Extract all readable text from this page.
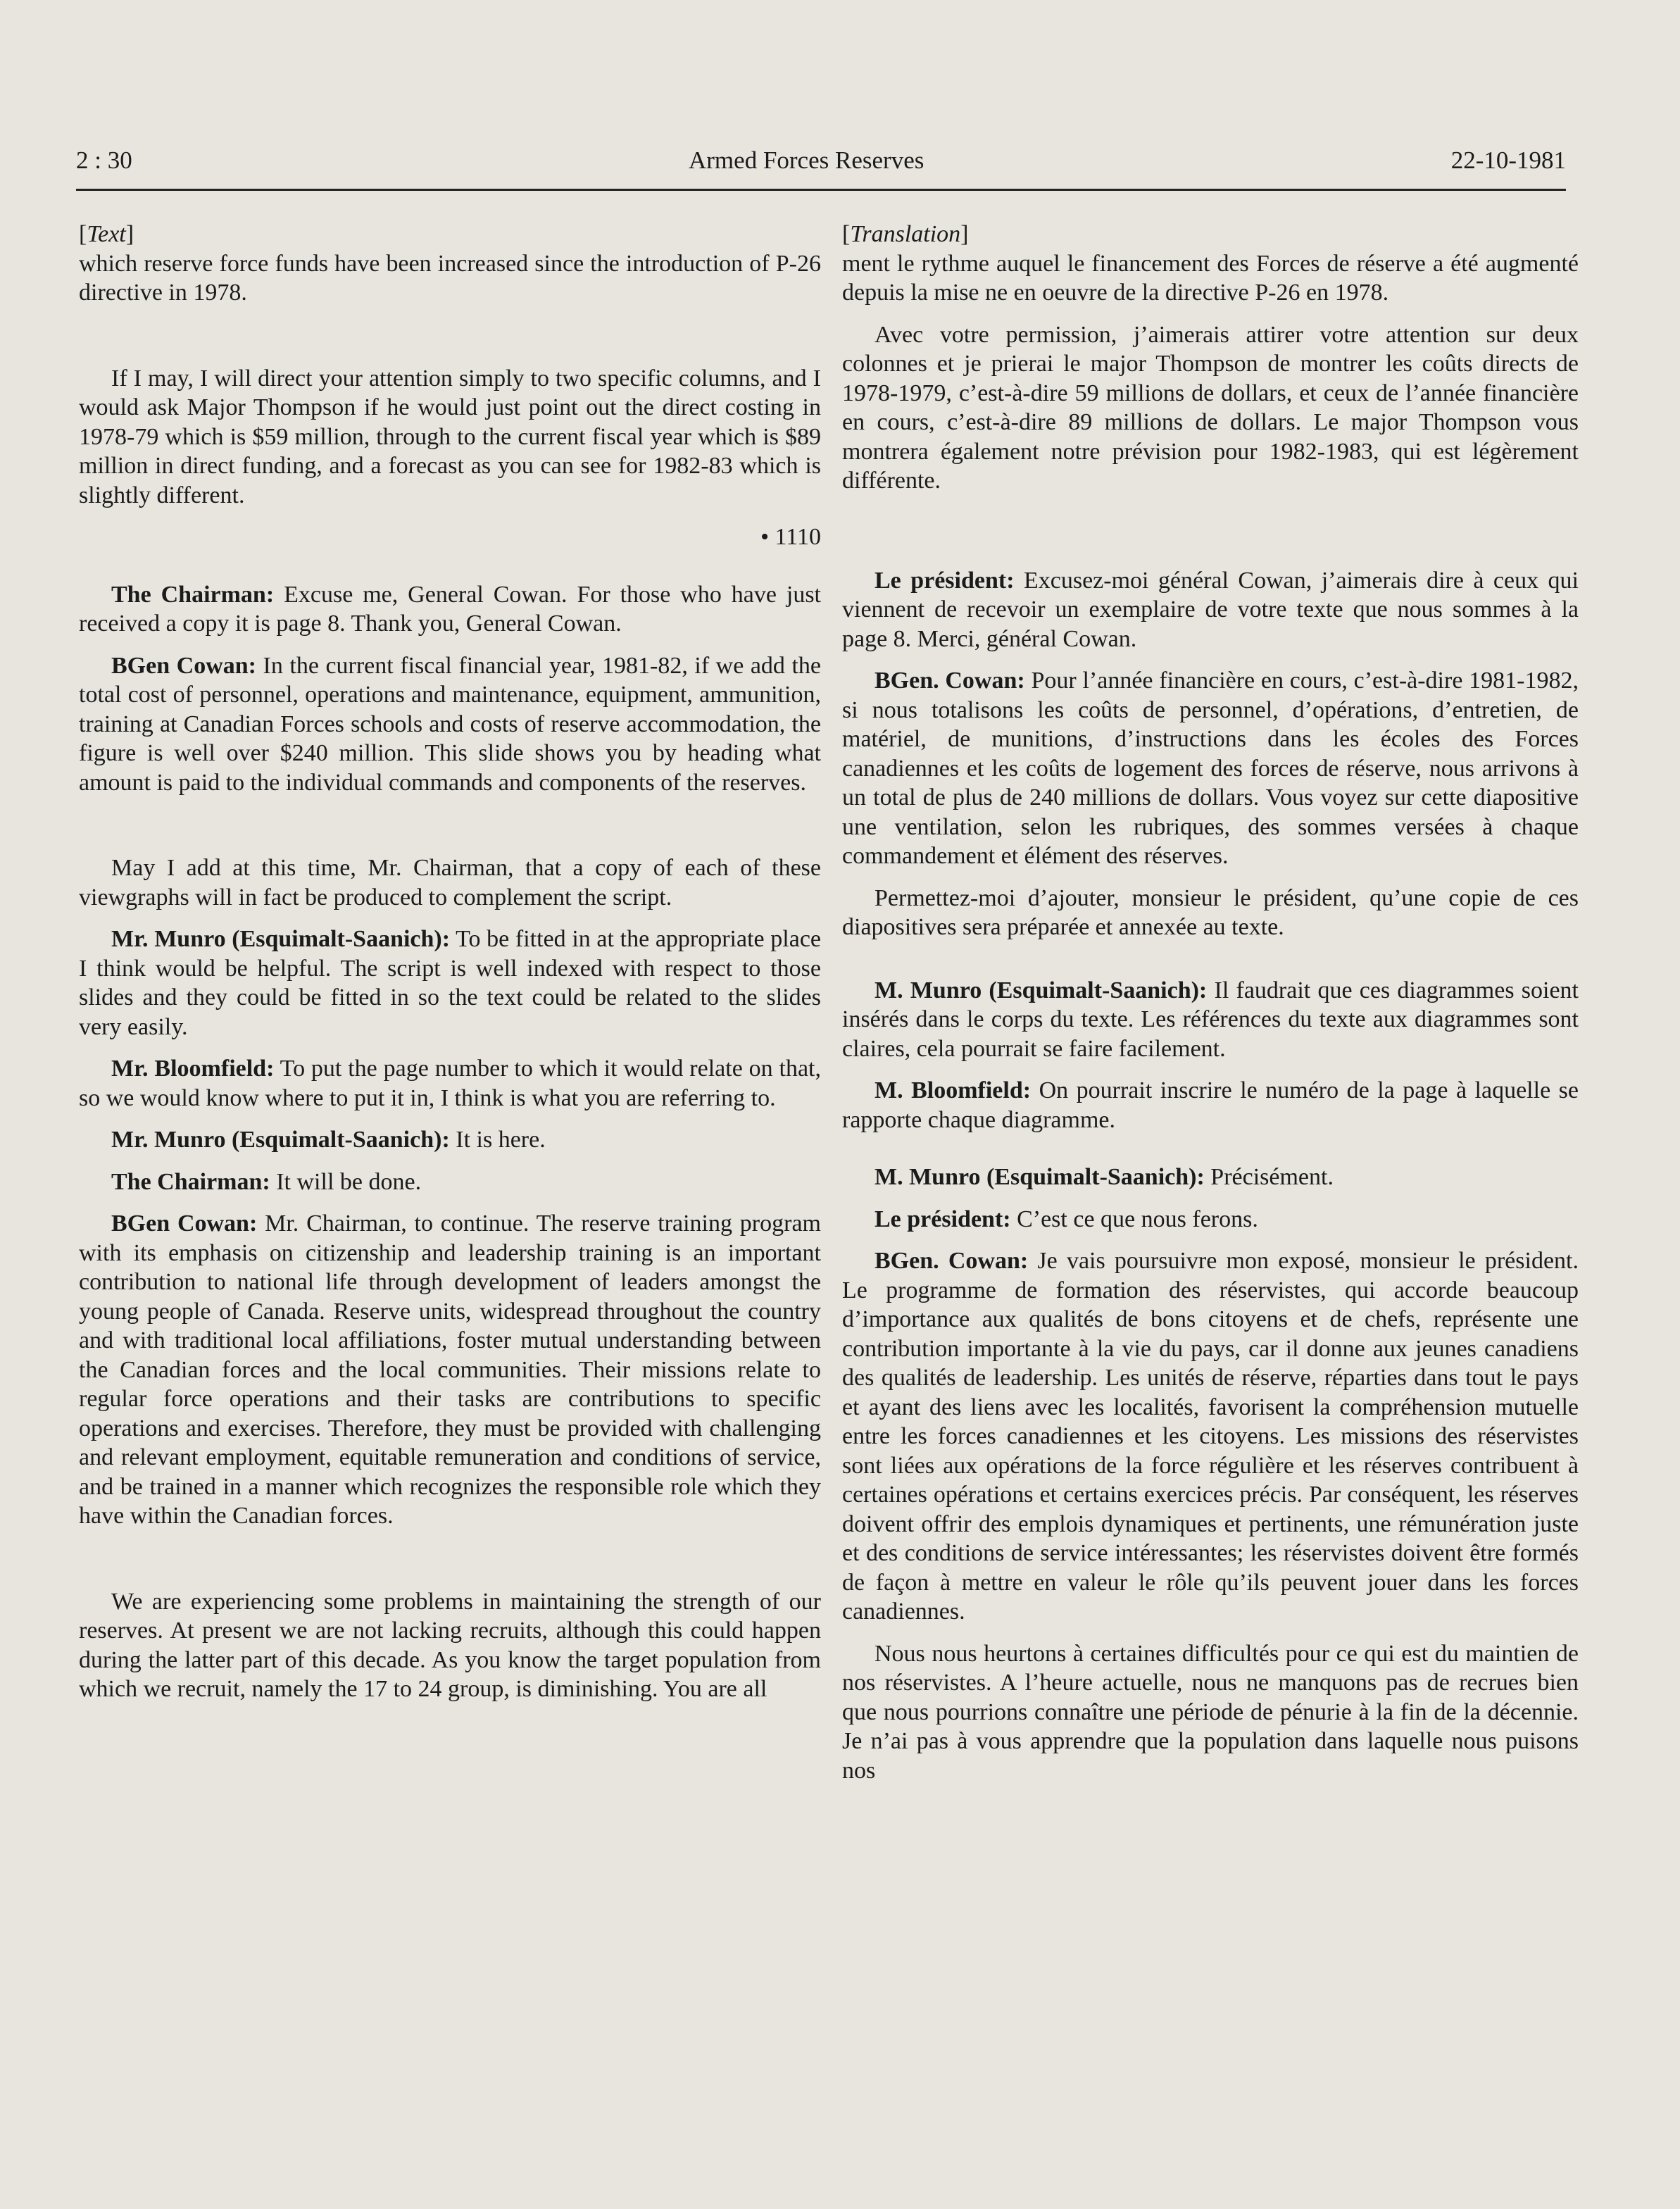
2 : 30	Armed Forces Reserves	22-10-1981

[Text]

which reserve force funds have been increased since the introduction of P-26 directive in 1978.

If I may, I will direct your attention simply to two specific columns, and I would ask Major Thompson if he would just point out the direct costing in 1978-79 which is $59 million, through to the current fiscal year which is $89 million in direct funding, and a forecast as you can see for 1982-83 which is slightly different.

• 1110

The Chairman: Excuse me, General Cowan. For those who have just received a copy it is page 8. Thank you, General Cowan.

BGen Cowan: In the current fiscal financial year, 1981-82, if we add the total cost of personnel, operations and maintenance, equipment, ammunition, training at Canadian Forces schools and costs of reserve accommodation, the figure is well over $240 million. This slide shows you by heading what amount is paid to the individual commands and components of the reserves.

May I add at this time, Mr. Chairman, that a copy of each of these viewgraphs will in fact be produced to complement the script.

Mr. Munro (Esquimalt-Saanich): To be fitted in at the appropriate place I think would be helpful. The script is well indexed with respect to those slides and they could be fitted in so the text could be related to the slides very easily.

Mr. Bloomfield: To put the page number to which it would relate on that, so we would know where to put it in, I think is what you are referring to.

Mr. Munro (Esquimalt-Saanich): It is here.

The Chairman: It will be done.

BGen Cowan: Mr. Chairman, to continue. The reserve training program with its emphasis on citizenship and leadership training is an important contribution to national life through development of leaders amongst the young people of Canada. Reserve units, widespread throughout the country and with traditional local affiliations, foster mutual understanding between the Canadian forces and the local communities. Their missions relate to regular force operations and their tasks are contributions to specific operations and exercises. Therefore, they must be provided with challenging and relevant employment, equitable remuneration and conditions of service, and be trained in a manner which recognizes the responsible role which they have within the Canadian forces.

We are experiencing some problems in maintaining the strength of our reserves. At present we are not lacking recruits, although this could happen during the latter part of this decade. As you know the target population from which we recruit, namely the 17 to 24 group, is diminishing. You are all

[Translation]

ment le rythme auquel le financement des Forces de réserve a été augmenté depuis la mise ne en oeuvre de la directive P-26 en 1978.

Avec votre permission, j’aimerais attirer votre attention sur deux colonnes et je prierai le major Thompson de montrer les coûts directs de 1978-1979, c’est-à-dire 59 millions de dollars, et ceux de l’année financière en cours, c’est-à-dire 89 millions de dollars. Le major Thompson vous montrera également notre prévision pour 1982-1983, qui est légèrement différente.

Le président: Excusez-moi général Cowan, j’aimerais dire à ceux qui viennent de recevoir un exemplaire de votre texte que nous sommes à la page 8. Merci, général Cowan.

BGen. Cowan: Pour l’année financière en cours, c’est-à-dire 1981-1982, si nous totalisons les coûts de personnel, d’opérations, d’entretien, de matériel, de munitions, d’instructions dans les écoles des Forces canadiennes et les coûts de logement des forces de réserve, nous arrivons à un total de plus de 240 millions de dollars. Vous voyez sur cette diapositive une ventilation, selon les rubriques, des sommes versées à chaque commandement et élément des réserves.

Permettez-moi d’ajouter, monsieur le président, qu’une copie de ces diapositives sera préparée et annexée au texte.

M. Munro (Esquimalt-Saanich): Il faudrait que ces diagrammes soient insérés dans le corps du texte. Les références du texte aux diagrammes sont claires, cela pourrait se faire facilement.

M. Bloomfield: On pourrait inscrire le numéro de la page à laquelle se rapporte chaque diagramme.

M. Munro (Esquimalt-Saanich): Précisément.

Le président: C’est ce que nous ferons.

BGen. Cowan: Je vais poursuivre mon exposé, monsieur le président. Le programme de formation des réservistes, qui accorde beaucoup d’importance aux qualités de bons citoyens et de chefs, représente une contribution importante à la vie du pays, car il donne aux jeunes canadiens des qualités de leadership. Les unités de réserve, réparties dans tout le pays et ayant des liens avec les localités, favorisent la compréhension mutuelle entre les forces canadiennes et les citoyens. Les missions des réservistes sont liées aux opérations de la force régulière et les réserves contribuent à certaines opérations et certains exercices précis. Par conséquent, les réserves doivent offrir des emplois dynamiques et pertinents, une rémunération juste et des conditions de service intéressantes; les réservistes doivent être formés de façon à mettre en valeur le rôle qu’ils peuvent jouer dans les forces canadiennes.

Nous nous heurtons à certaines difficultés pour ce qui est du maintien de nos réservistes. A l’heure actuelle, nous ne manquons pas de recrues bien que nous pourrions connaître une période de pénurie à la fin de la décennie. Je n’ai pas à vous apprendre que la population dans laquelle nous puisons nos
